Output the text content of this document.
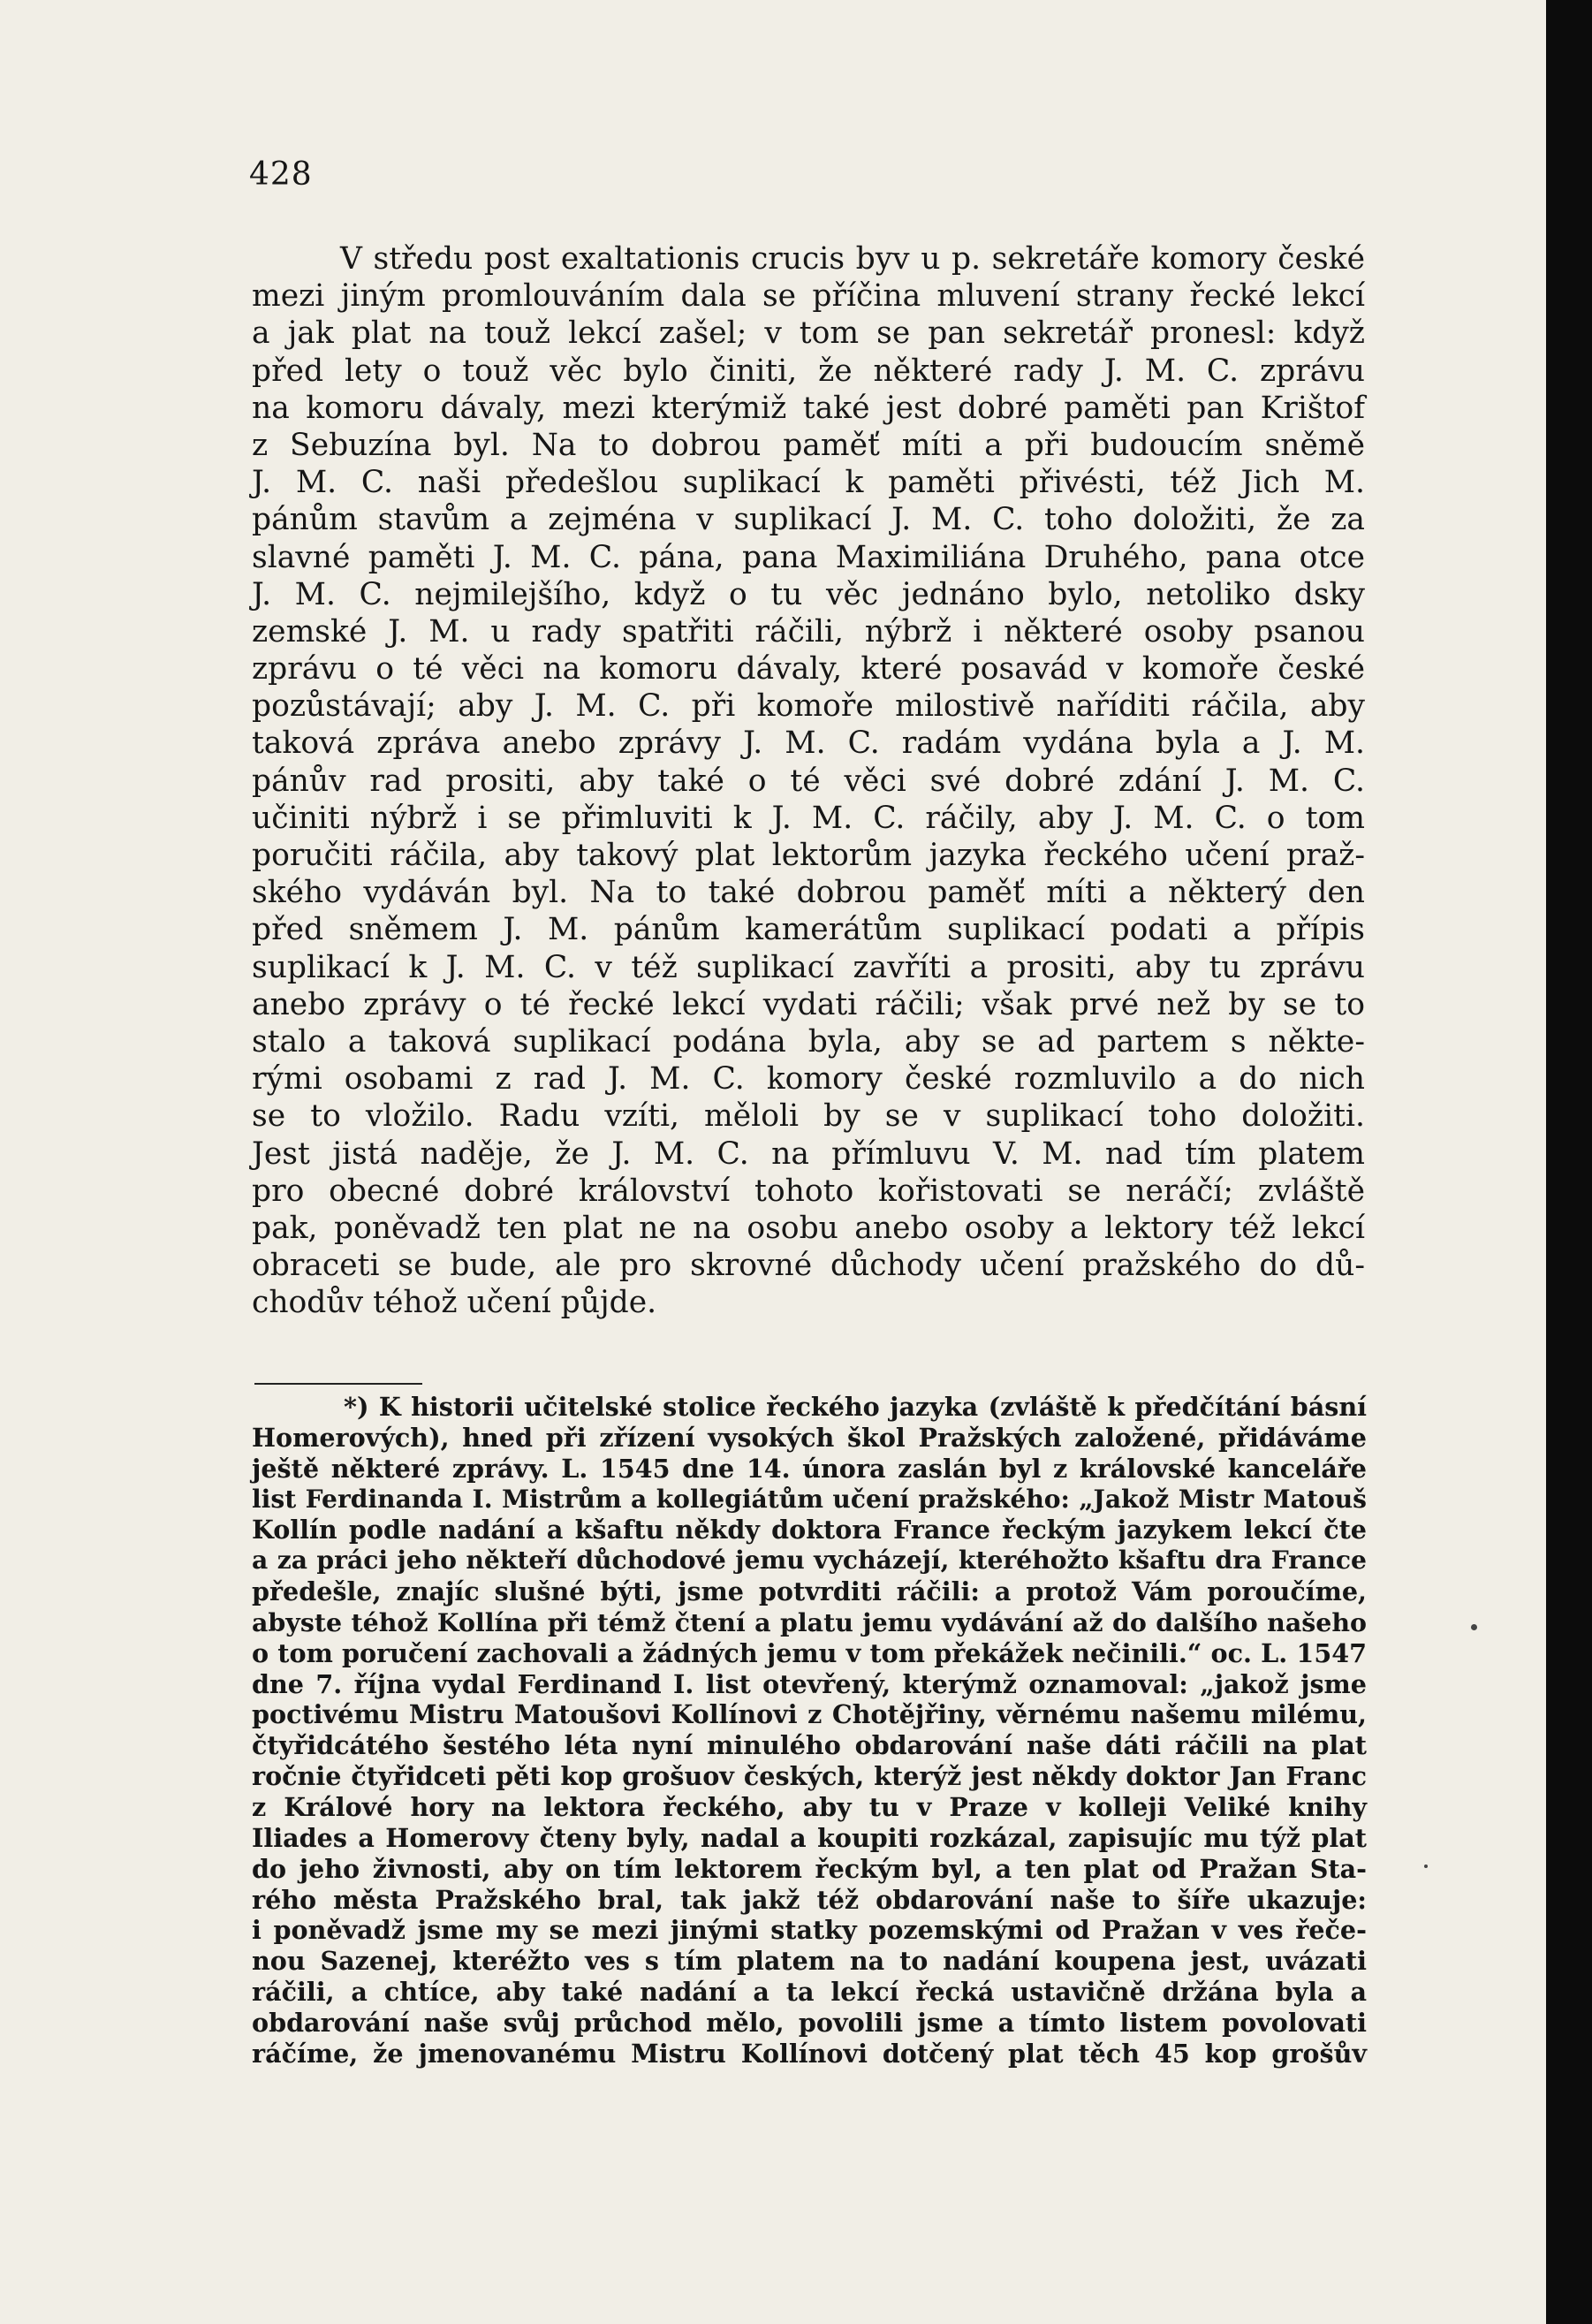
428
V středu post exaltationis crucis byv u p. sekretáře komory české
mezi jiným promlouváním dala se příčina mluvení strany řecké lekcí
a jak plat na touž lekcí zašel; v tom se pan sekretář pronesl: když
před lety o touž věc bylo činiti, že některé rady J. M. C. zprávu
na komoru dávaly, mezi kterýmiž také jest dobré paměti pan Krištof
z Sebuzína byl. Na to dobrou paměť míti a při budoucím sněmě
J. M. C. naši předešlou suplikací k paměti přivésti, též Jich M.
pánům stavům a zejména v suplikací J. M. C. toho doložiti, že za
slavné paměti J. M. C. pána, pana Maximiliána Druhého, pana otce
J. M. C. nejmilejšího, když o tu věc jednáno bylo, netoliko dsky
zemské J. M. u rady spatřiti ráčili, nýbrž i některé osoby psanou
zprávu o té věci na komoru dávaly, které posavád v komoře české
pozůstávají; aby J. M. C. při komoře milostivě naříditi ráčila, aby
taková zpráva anebo zprávy J. M. C. radám vydána byla a J. M.
pánův rad prositi, aby také o té věci své dobré zdání J. M. C.
učiniti nýbrž i se přimluviti k J. M. C. ráčily, aby J. M. C. o tom
poručiti ráčila, aby takový plat lektorům jazyka řeckého učení praž-
ského vydáván byl. Na to také dobrou paměť míti a některý den
před sněmem J. M. pánům kamerátům suplikací podati a přípis
suplikací k J. M. C. v též suplikací zavříti a prositi, aby tu zprávu
anebo zprávy o té řecké lekcí vydati ráčili; však prvé než by se to
stalo a taková suplikací podána byla, aby se ad partem s někte-
rými osobami z rad J. M. C. komory české rozmluvilo a do nich
se to vložilo. Radu vzíti, měloli by se v suplikací toho doložiti.
Jest jistá naděje, že J. M. C. na přímluvu V. M. nad tím platem
pro obecné dobré království tohoto kořistovati se neráčí; zvláště
pak, poněvadž ten plat ne na osobu anebo osoby a lektory též lekcí
obraceti se bude, ale pro skrovné důchody učení pražského do dů-
chodův téhož učení půjde.
*) K historii učitelské stolice řeckého jazyka (zvláště k předčítání básní
Homerových), hned při zřízení vysokých škol Pražských založené, přidáváme
ještě některé zprávy. L. 1545 dne 14. února zaslán byl z královské kanceláře
list Ferdinanda I. Mistrům a kollegiátům učení pražského: „Jakož Mistr Matouš
Kollín podle nadání a kšaftu někdy doktora France řeckým jazykem lekcí čte
a za práci jeho někteří důchodové jemu vycházejí, kteréhožto kšaftu dra France
předešle, znajíc slušné býti, jsme potvrditi ráčili: a protož Vám poroučíme,
abyste téhož Kollína při témž čtení a platu jemu vydávání až do dalšího našeho
o tom poručení zachovali a žádných jemu v tom překážek nečinili.“ oc. L. 1547
dne 7. října vydal Ferdinand I. list otevřený, kterýmž oznamoval: „jakož jsme
poctivému Mistru Matoušovi Kollínovi z Chotějřiny, věrnému našemu milému,
čtyřidcátého šestého léta nyní minulého obdarování naše dáti ráčili na plat
ročnie čtyřidceti pěti kop grošuov českých, kterýž jest někdy doktor Jan Franc
z Králové hory na lektora řeckého, aby tu v Praze v kolleji Veliké knihy
Iliades a Homerovy čteny byly, nadal a koupiti rozkázal, zapisujíc mu týž plat
do jeho živnosti, aby on tím lektorem řeckým byl, a ten plat od Pražan Sta-
rého města Pražského bral, tak jakž též obdarování naše to šíře ukazuje:
i poněvadž jsme my se mezi jinými statky pozemskými od Pražan v ves řeče-
nou Sazenej, kteréžto ves s tím platem na to nadání koupena jest, uvázati
ráčili, a chtíce, aby také nadání a ta lekcí řecká ustavičně držána byla a
obdarování naše svůj průchod mělo, povolili jsme a tímto listem povolovati
ráčíme, že jmenovanému Mistru Kollínovi dotčený plat těch 45 kop grošův
